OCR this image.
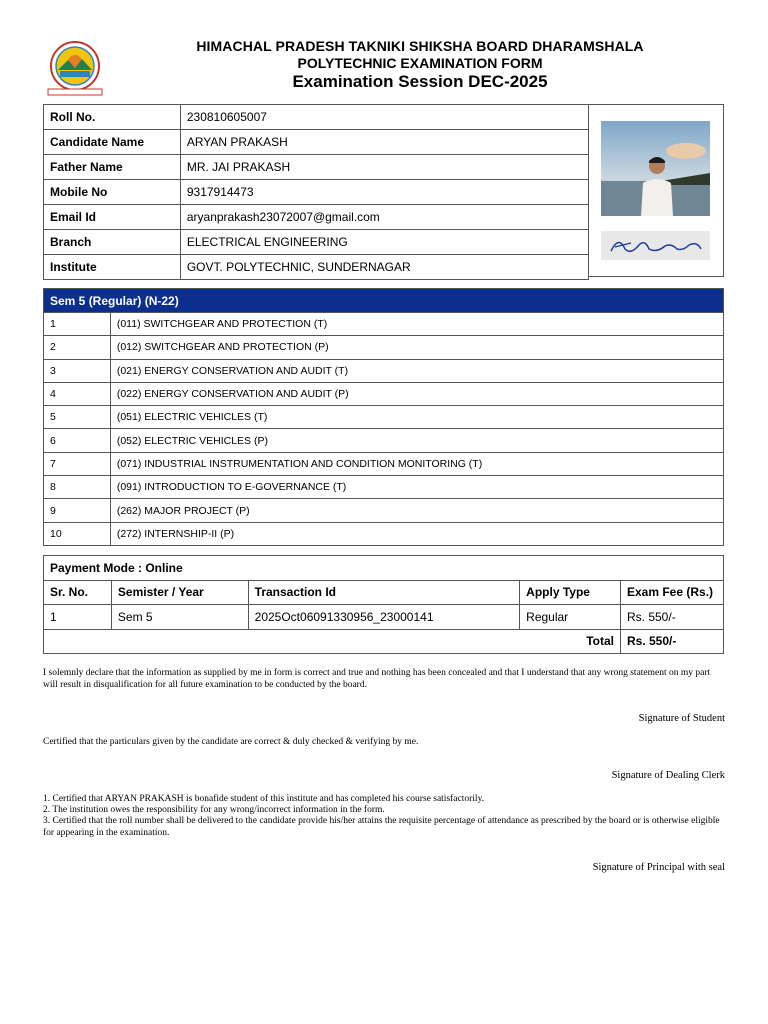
HIMACHAL PRADESH TAKNIKI SHIKSHA BOARD DHARAMSHALA
POLYTECHNIC EXAMINATION FORM
Examination Session DEC-2025
Roll No.	230810605007
Candidate Name	ARYAN PRAKASH
Father Name	MR. JAI PRAKASH
Mobile No	9317914473
Email Id	aryanprakash23072007@gmail.com
Branch	ELECTRICAL ENGINEERING
Institute	GOVT. POLYTECHNIC, SUNDERNAGAR
Sem 5 (Regular) (N-22)	
1	(011) SWITCHGEAR AND PROTECTION (T)
2	(012) SWITCHGEAR AND PROTECTION (P)
3	(021) ENERGY CONSERVATION AND AUDIT (T)
4	(022) ENERGY CONSERVATION AND AUDIT (P)
5	(051) ELECTRIC VEHICLES (T)
6	(052) ELECTRIC VEHICLES (P)
7	(071) INDUSTRIAL INSTRUMENTATION AND CONDITION MONITORING (T)
8	(091) INTRODUCTION TO E-GOVERNANCE (T)
9	(262) MAJOR PROJECT (P)
10	(272) INTERNSHIP-II (P)
Payment Mode : Online				
Sr. No.	Semister / Year	Transaction Id	Apply Type	Exam Fee (Rs.)
1	Sem 5	2025Oct06091330956_23000141	Regular	Rs. 550/-
Total				Rs. 550/-
I solemnly declare that the information as supplied by me in form is correct and true and nothing has been concealed and that I understand that any wrong statement on my part will result in disqualification for all future examination to be conducted by the board.
Signature of Student
Certified that the particulars given by the candidate are correct & duly checked & verifying by me.
Signature of Dealing Clerk
1. Certified that ARYAN PRAKASH is bonafide student of this institute and has completed his course satisfactorily.
2. The institution owes the responsibility for any wrong/incorrect information in the form.
3. Certified that the roll number shall be delivered to the candidate provide his/her attains the requisite percentage of attendance as prescribed by the board or is otherwise eligible for appearing in the examination.
Signature of Principal with seal
